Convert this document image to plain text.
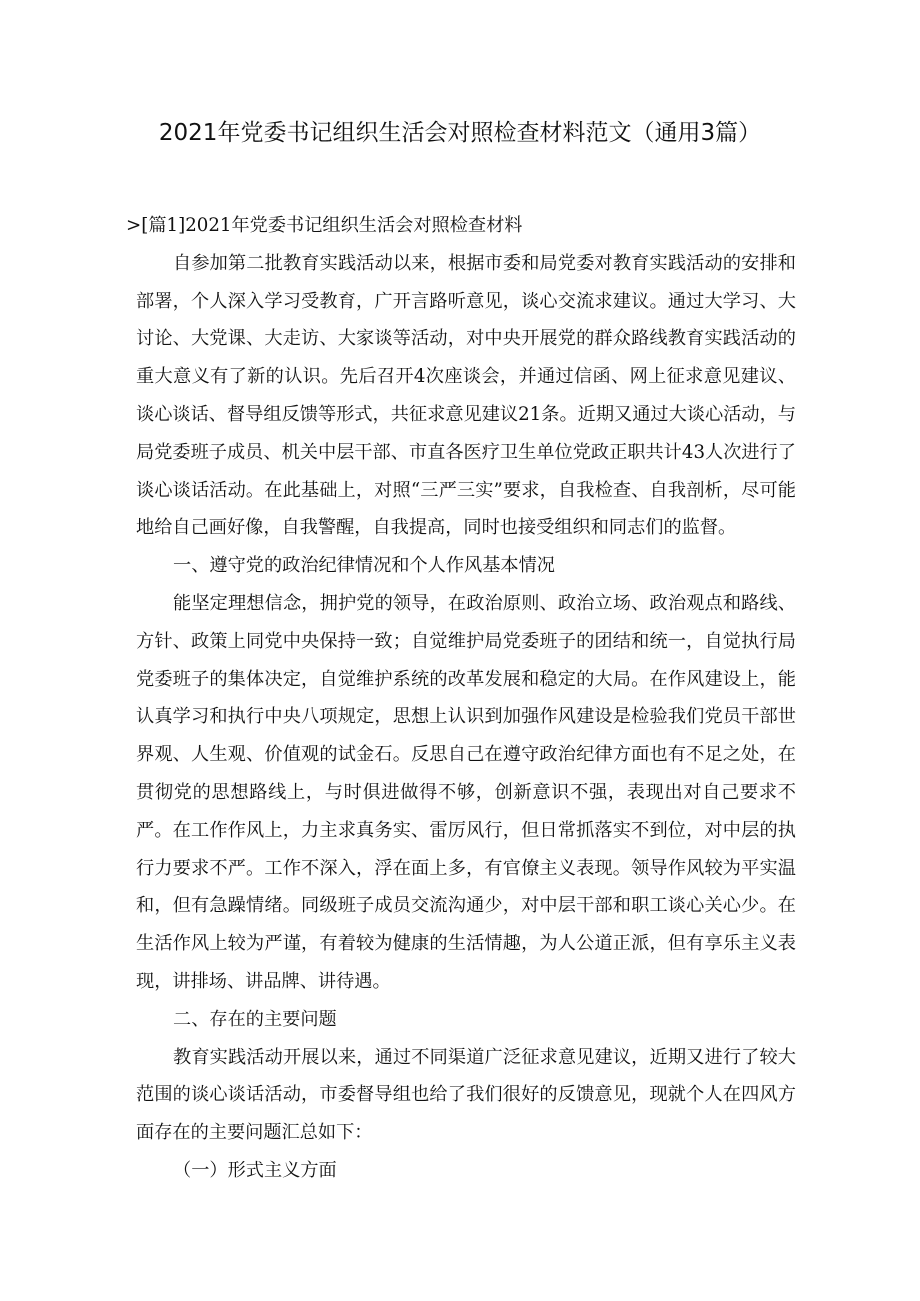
2021年党委书记组织生活会对照检查材料范文（通用3篇）

>[篇1]2021年党委书记组织生活会对照检查材料

自参加第二批教育实践活动以来，根据市委和局党委对教育实践活动的安排和部署，个人深入学习受教育，广开言路听意见，谈心交流求建议。通过大学习、大讨论、大党课、大走访、大家谈等活动，对中央开展党的群众路线教育实践活动的重大意义有了新的认识。先后召开4次座谈会，并通过信函、网上征求意见建议、谈心谈话、督导组反馈等形式，共征求意见建议21条。近期又通过大谈心活动，与局党委班子成员、机关中层干部、市直各医疗卫生单位党政正职共计43人次进行了谈心谈话活动。在此基础上，对照“三严三实”要求，自我检查、自我剖析，尽可能地给自己画好像，自我警醒，自我提高，同时也接受组织和同志们的监督。

一、遵守党的政治纪律情况和个人作风基本情况

能坚定理想信念，拥护党的领导，在政治原则、政治立场、政治观点和路线、方针、政策上同党中央保持一致；自觉维护局党委班子的团结和统一，自觉执行局党委班子的集体决定，自觉维护系统的改革发展和稳定的大局。在作风建设上，能认真学习和执行中央八项规定，思想上认识到加强作风建设是检验我们党员干部世界观、人生观、价值观的试金石。反思自己在遵守政治纪律方面也有不足之处，在贯彻党的思想路线上，与时俱进做得不够，创新意识不强，表现出对自己要求不严。在工作作风上，力主求真务实、雷厉风行，但日常抓落实不到位，对中层的执行力要求不严。工作不深入，浮在面上多，有官僚主义表现。领导作风较为平实温和，但有急躁情绪。同级班子成员交流沟通少，对中层干部和职工谈心关心少。在生活作风上较为严谨，有着较为健康的生活情趣，为人公道正派，但有享乐主义表现，讲排场、讲品牌、讲待遇。

二、存在的主要问题

教育实践活动开展以来，通过不同渠道广泛征求意见建议，近期又进行了较大范围的谈心谈话活动，市委督导组也给了我们很好的反馈意见，现就个人在四风方面存在的主要问题汇总如下：

（一）形式主义方面
